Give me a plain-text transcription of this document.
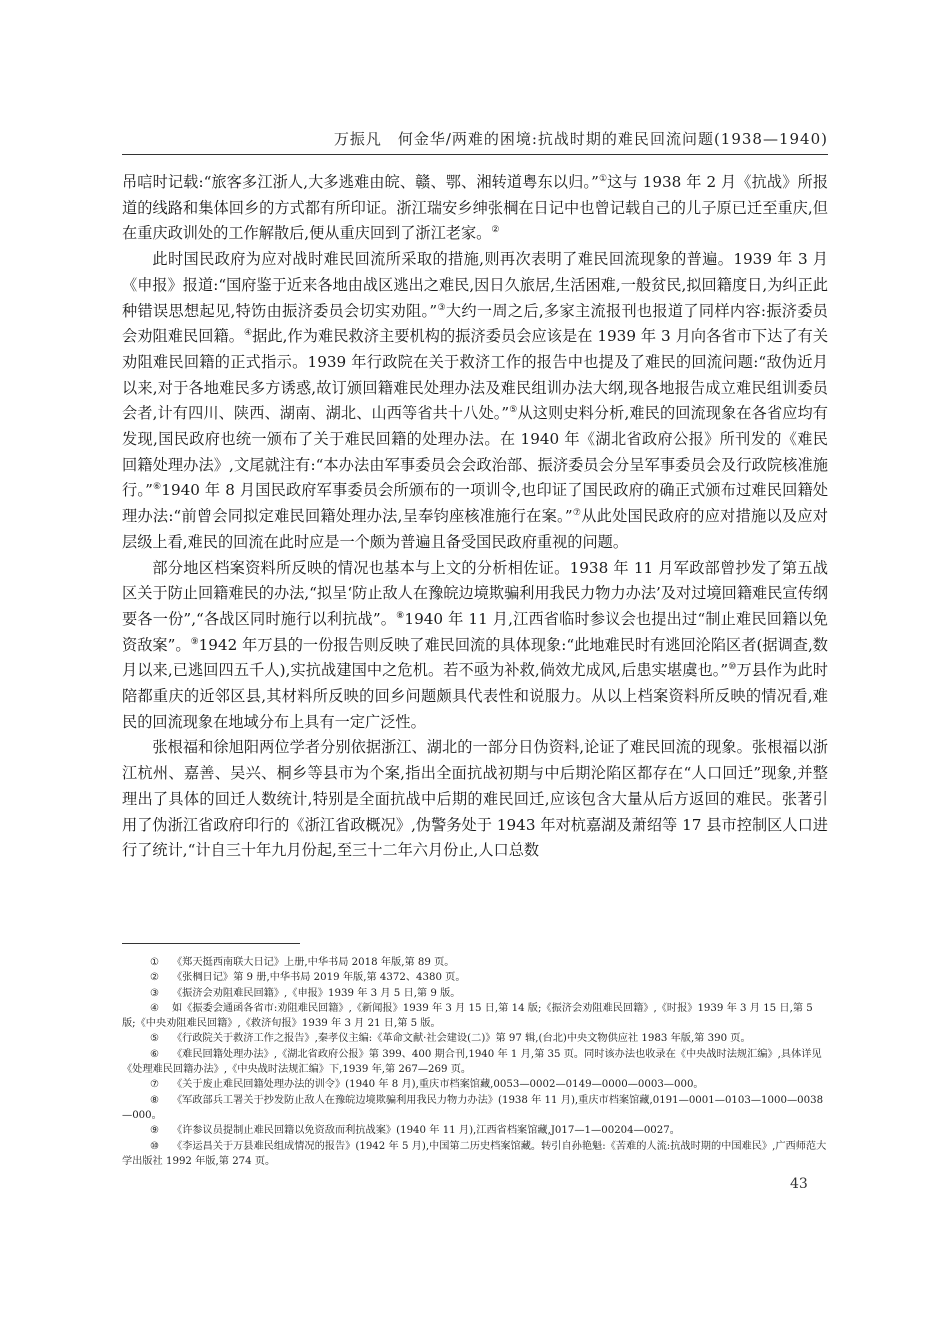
万振凡　何金华/两难的困境:抗战时期的难民回流问题(1938—1940)

吊唁时记载:“旅客多江浙人,大多逃难由皖、赣、鄂、湘转道粤东以归。”①这与 1938 年 2 月《抗战》所报道的线路和集体回乡的方式都有所印证。浙江瑞安乡绅张棡在日记中也曾记载自己的儿子原已迁至重庆,但在重庆政训处的工作解散后,便从重庆回到了浙江老家。②

此时国民政府为应对战时难民回流所采取的措施,则再次表明了难民回流现象的普遍。1939 年 3 月《申报》报道:“国府鉴于近来各地由战区逃出之难民,因日久旅居,生活困难,一般贫民,拟回籍度日,为纠正此种错误思想起见,特饬由振济委员会切实劝阻。”③大约一周之后,多家主流报刊也报道了同样内容:振济委员会劝阻难民回籍。④据此,作为难民救济主要机构的振济委员会应该是在 1939 年 3 月向各省市下达了有关劝阻难民回籍的正式指示。1939 年行政院在关于救济工作的报告中也提及了难民的回流问题:“敌伪近月以来,对于各地难民多方诱惑,故订颁回籍难民处理办法及难民组训办法大纲,现各地报告成立难民组训委员会者,计有四川、陕西、湖南、湖北、山西等省共十八处。”⑤从这则史料分析,难民的回流现象在各省应均有发现,国民政府也统一颁布了关于难民回籍的处理办法。在 1940 年《湖北省政府公报》所刊发的《难民回籍处理办法》,文尾就注有:“本办法由军事委员会会政治部、振济委员会分呈军事委员会及行政院核准施行。”⑥1940 年 8 月国民政府军事委员会所颁布的一项训令,也印证了国民政府的确正式颁布过难民回籍处理办法:“前曾会同拟定难民回籍处理办法,呈奉钧座核准施行在案。”⑦从此处国民政府的应对措施以及应对层级上看,难民的回流在此时应是一个颇为普遍且备受国民政府重视的问题。

部分地区档案资料所反映的情况也基本与上文的分析相佐证。1938 年 11 月军政部曾抄发了第五战区关于防止回籍难民的办法,“拟呈‘防止敌人在豫皖边境欺骗利用我民力物力办法’及对过境回籍难民宣传纲要各一份”,“各战区同时施行以利抗战”。⑧1940 年 11 月,江西省临时参议会也提出过“制止难民回籍以免资敌案”。⑨1942 年万县的一份报告则反映了难民回流的具体现象:“此地难民时有逃回沦陷区者(据调查,数月以来,已逃回四五千人),实抗战建国中之危机。若不亟为补救,倘效尤成风,后患实堪虞也。”⑩万县作为此时陪都重庆的近邻区县,其材料所反映的回乡问题颇具代表性和说服力。从以上档案资料所反映的情况看,难民的回流现象在地域分布上具有一定广泛性。

张根福和徐旭阳两位学者分别依据浙江、湖北的一部分日伪资料,论证了难民回流的现象。张根福以浙江杭州、嘉善、吴兴、桐乡等县市为个案,指出全面抗战初期与中后期沦陷区都存在“人口回迁”现象,并整理出了具体的回迁人数统计,特别是全面抗战中后期的难民回迁,应该包含大量从后方返回的难民。张著引用了伪浙江省政府印行的《浙江省政概况》,伪警务处于 1943 年对杭嘉湖及萧绍等 17 县市控制区人口进行了统计,“计自三十年九月份起,至三十二年六月份止,人口总数

① 《郑天挺西南联大日记》上册,中华书局 2018 年版,第 89 页。

② 《张棡日记》第 9 册,中华书局 2019 年版,第 4372、4380 页。

③ 《振济会劝阻难民回籍》,《申报》1939 年 3 月 5 日,第 9 版。

④ 如《振委会通函各省市:劝阻难民回籍》,《新闻报》1939 年 3 月 15 日,第 14 版;《振济会劝阻难民回籍》,《时报》1939 年 3 月 15 日,第 5 版;《中央劝阻难民回籍》,《救济旬报》1939 年 3 月 21 日,第 5 版。

⑤ 《行政院关于救济工作之报告》,秦孝仪主编:《革命文献·社会建设(二)》第 97 辑,(台北)中央文物供应社 1983 年版,第 390 页。

⑥ 《难民回籍处理办法》,《湖北省政府公报》第 399、400 期合刊,1940 年 1 月,第 35 页。同时该办法也收录在《中央战时法规汇编》,具体详见《处理难民回籍办法》,《中央战时法规汇编》下,1939 年,第 267—269 页。

⑦ 《关于废止难民回籍处理办法的训令》(1940 年 8 月),重庆市档案馆藏,0053—0002—0149—0000—0003—000。

⑧ 《军政部兵工署关于抄发防止敌人在豫皖边境欺骗利用我民力物力办法》(1938 年 11 月),重庆市档案馆藏,0191—0001—0103—1000—0038—000。

⑨ 《许参议员提制止难民回籍以免资敌而利抗战案》(1940 年 11 月),江西省档案馆藏,J017—1—00204—0027。

⑩ 《李运昌关于万县难民组成情况的报告》(1942 年 5 月),中国第二历史档案馆藏。转引自孙艳魁:《苦难的人流:抗战时期的中国难民》,广西师范大学出版社 1992 年版,第 274 页。

43
